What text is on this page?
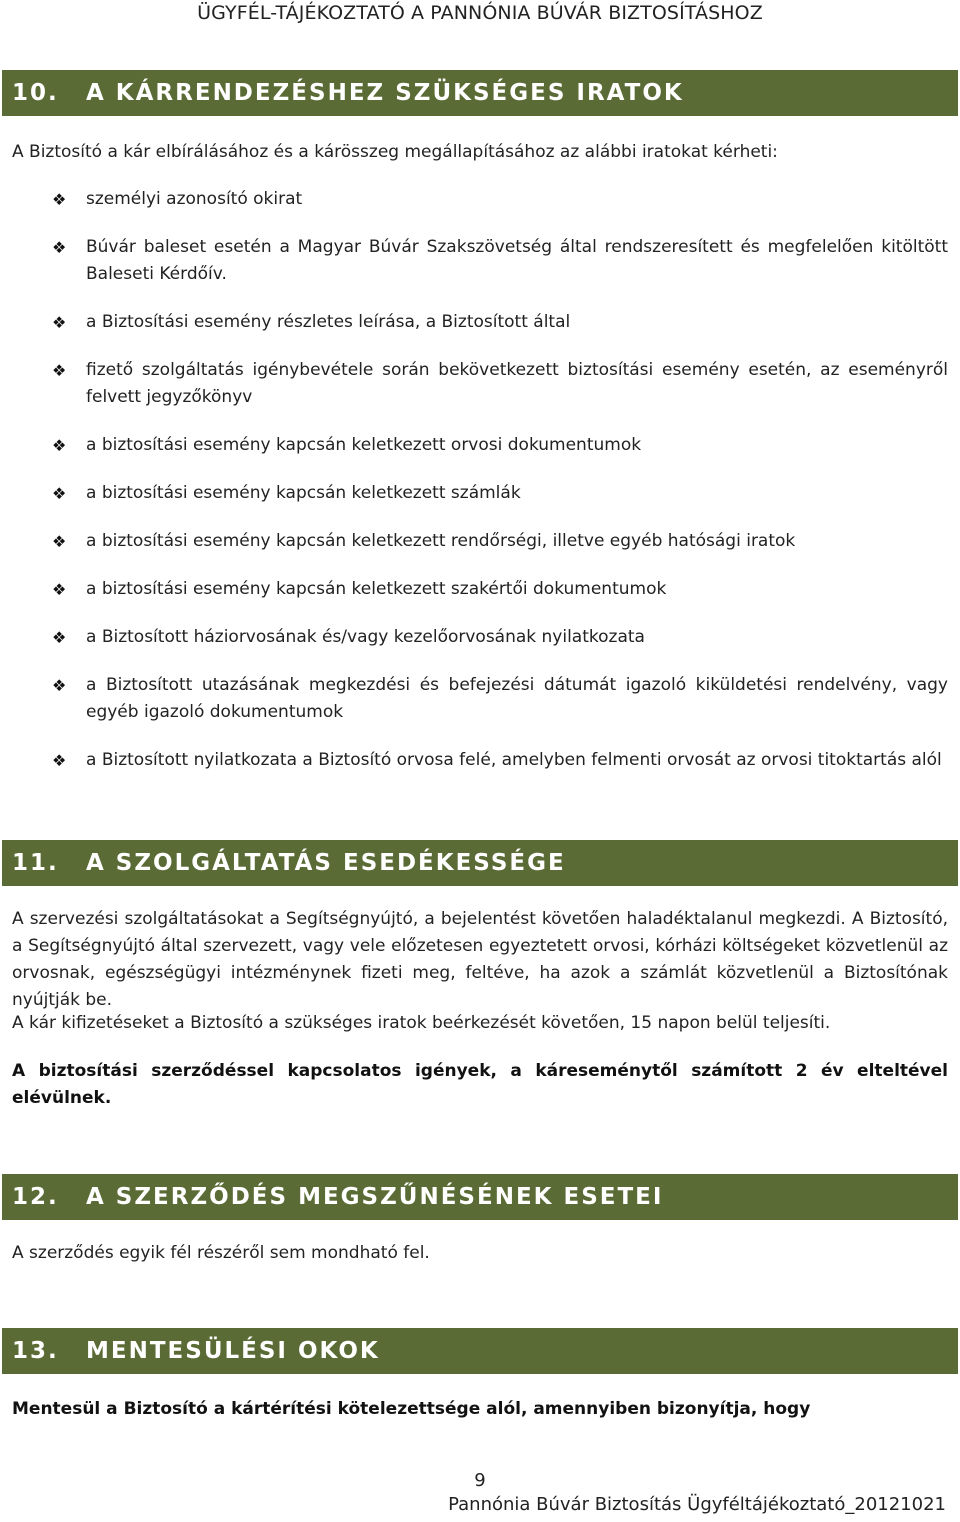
ÜGYFÉL-TÁJÉKOZTATÓ A PANNÓNIA BÚVÁR BIZTOSÍTÁSHOZ
10.	A KÁRRENDEZÉSHEZ SZÜKSÉGES IRATOK
A Biztosító a kár elbírálásához és a kárösszeg megállapításához az alábbi iratokat kérheti:
❖ személyi azonosító okirat
❖ Búvár baleset esetén a Magyar Búvár Szakszövetség által rendszeresített és megfelelően kitöltött Baleseti Kérdőív.
❖ a Biztosítási esemény részletes leírása, a Biztosított által
❖ fizető szolgáltatás igénybevétele során bekövetkezett biztosítási esemény esetén, az eseményről felvett jegyzőkönyv
❖ a biztosítási esemény kapcsán keletkezett orvosi dokumentumok
❖ a biztosítási esemény kapcsán keletkezett számlák
❖ a biztosítási esemény kapcsán keletkezett rendőrségi, illetve egyéb hatósági iratok
❖ a biztosítási esemény kapcsán keletkezett szakértői dokumentumok
❖ a Biztosított háziorvosának és/vagy kezelőorvosának nyilatkozata
❖ a Biztosított utazásának megkezdési és befejezési dátumát igazoló kiküldetési rendelvény, vagy egyéb igazoló dokumentumok
❖ a Biztosított nyilatkozata a Biztosító orvosa felé, amelyben felmenti orvosát az orvosi titoktartás alól
11.	A SZOLGÁLTATÁS ESEDÉKESSÉGE
A szervezési szolgáltatásokat a Segítségnyújtó, a bejelentést követően haladéktalanul megkezdi. A Biztosító, a Segítségnyújtó által szervezett, vagy vele előzetesen egyeztetett orvosi, kórházi költségeket közvetlenül az orvosnak, egészségügyi intézménynek fizeti meg, feltéve, ha azok a számlát közvetlenül a Biztosítónak nyújtják be.
A kár kifizetéseket a Biztosító a szükséges iratok beérkezését követően, 15 napon belül teljesíti.
A biztosítási szerződéssel kapcsolatos igények, a káreseménytől számított 2 év elteltével elévülnek.
12.	A SZERZŐDÉS MEGSZŰNÉSÉNEK ESETEI
A szerződés egyik fél részéről sem mondható fel.
13.	MENTESÜLÉSI OKOK
Mentesül a Biztosító a kártérítési kötelezettsége alól, amennyiben bizonyítja, hogy
9
Pannónia Búvár Biztosítás Ügyféltájékoztató_20121021
